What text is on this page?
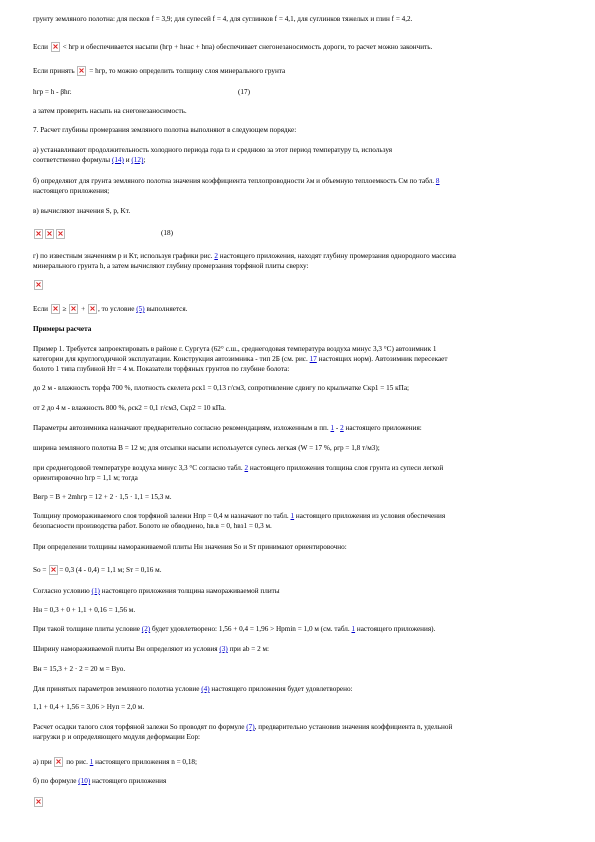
грунту земляного полотна: для песков f = 3,9; для супесей f = 4, для суглинков f = 4,1, для суглинков тяжелых и глин f = 4,2.
Если < hгр и обеспечивается насыпи (hгр + hнас + hпа) обеспечивает снегонезаносимость дороги, то расчет можно закончить.
Если принять = hгр, то можно определить толщину слоя минерального грунта
hгр = h - βhг.	(17)
а затем проверить насыпь на снегонезаносимость.
7. Расчет глубины промерзания земляного полотна выполняют в следующем порядке:
а) устанавливают продолжительность холодного периода года tз и среднюю за этот период температуру tз, используя
соответственно формулы (14) и (12);
б) определяют для грунта земляного полотна значения коэффициента теплопроводности λм и объемную теплоемкость Cм по табл. 8
настоящего приложения;
в) вычисляют значения S, p, Kт.
(18)
г) по известным значениям p и Kт, используя графики рис. 2 настоящего приложения, находят глубину промерзания однородного массива
минерального грунта h, а затем вычисляют глубину промерзания торфяной плиты сверху:
Если ≥ + , то условие (5) выполняется.
Примеры расчета
Пример 1. Требуется запроектировать в районе г. Сургута (62° с.ш., среднегодовая температура воздуха минус 3,3 °С) автозимник 1
категории для круглогодичной эксплуатации. Конструкция автозимника - тип 2Б (см. рис. 17 настоящих норм). Автозимник пересекает
болото 1 типа глубиной Hт = 4 м. Показатели торфяных грунтов по глубине болота:
до 2 м - влажность торфа 700 %, плотность скелета ρск1 = 0,13 г/см3, сопротивление сдвигу по крыльчатке Cкр1 = 15 кПа;
от 2 до 4 м - влажность 800 %, ρск2 = 0,1 г/см3, Cкр2 = 10 кПа.
Параметры автозимника назначают предварительно согласно рекомендациям, изложенным в пп. 1 - 2 настоящего приложения:
ширина земляного полотна B = 12 м; для отсыпки насыпи используется супесь легкая (W = 17 %, ρгр = 1,8 т/м3);
при среднегодовой температуре воздуха минус 3,3 °С согласно табл. 2 настоящего приложения толщина слоя грунта из супеси легкой
ориентировочно hгр = 1,1 м; тогда
Bвгр = B + 2mhгр = 12 + 2 · 1,5 · 1,1 = 15,3 м.
Толщину промораживаемого слоя торфяной залежи Hпр = 0,4 м назначают по табл. 1 настоящего приложения из условия обеспечения
безопасности производства работ. Болото не обводнено, hв.в = 0, hвз1 = 0,3 м.
При определении толщины намораживаемой плиты Hн значения Sо и Sт принимают ориентировочно:
Sо = = 0,3 (4 - 0,4) = 1,1 м; Sт = 0,16 м.
Согласно условию (1) настоящего приложения толщина намораживаемой плиты
Hн = 0,3 + 0 + 1,1 + 0,16 = 1,56 м.
При такой толщине плиты условие (2) будет удовлетворено: 1,56 + 0,4 = 1,96 > Hpmin = 1,0 м (см. табл. 1 настоящего приложения).
Ширину намораживаемой плиты Bн определяют из условия (3) при ab = 2 м:
Bн = 15,3 + 2 · 2 = 20 м = Bуо.
Для принятых параметров земляного полотна условие (4) настоящего приложения будет удовлетворено:
1,1 + 0,4 + 1,56 = 3,06 > Hуп = 2,0 м.
Расчет осадки талого слоя торфяной залежи Sо проводят по формуле (7), предварительно установив значения коэффициента n, удельной
нагрузки p и определяющего модуля деформации Eор:
а) при по рис. 1 настоящего приложения n = 0,18;
б) по формуле (10) настоящего приложения
